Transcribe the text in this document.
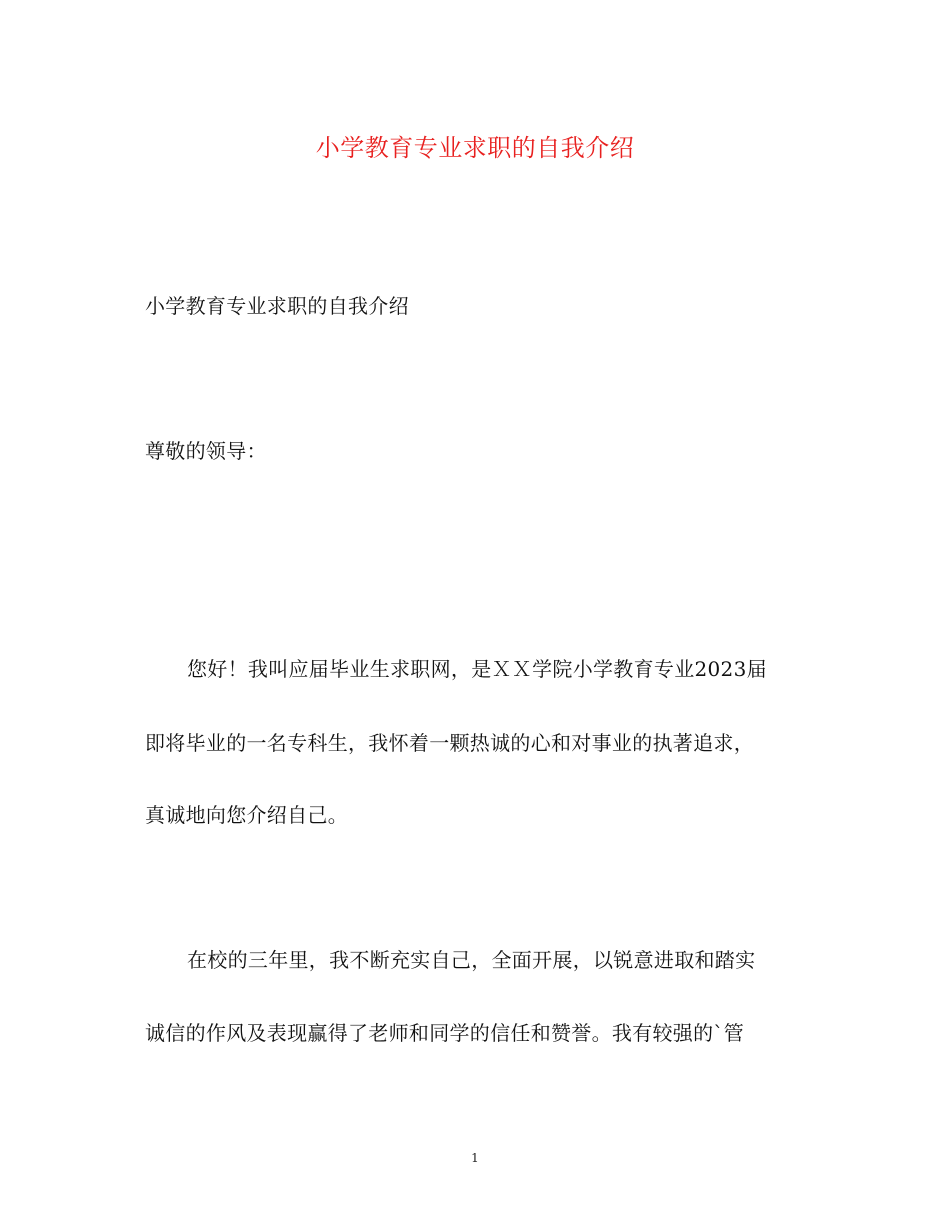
小学教育专业求职的自我介绍
小学教育专业求职的自我介绍
尊敬的领导：
您好！我叫应届毕业生求职网，是ＸＸ学院小学教育专业2023届
即将毕业的一名专科生，我怀着一颗热诚的心和对事业的执著追求，
真诚地向您介绍自己。
在校的三年里，我不断充实自己，全面开展，以锐意进取和踏实
诚信的作风及表现赢得了老师和同学的信任和赞誉。我有较强的`管
1
